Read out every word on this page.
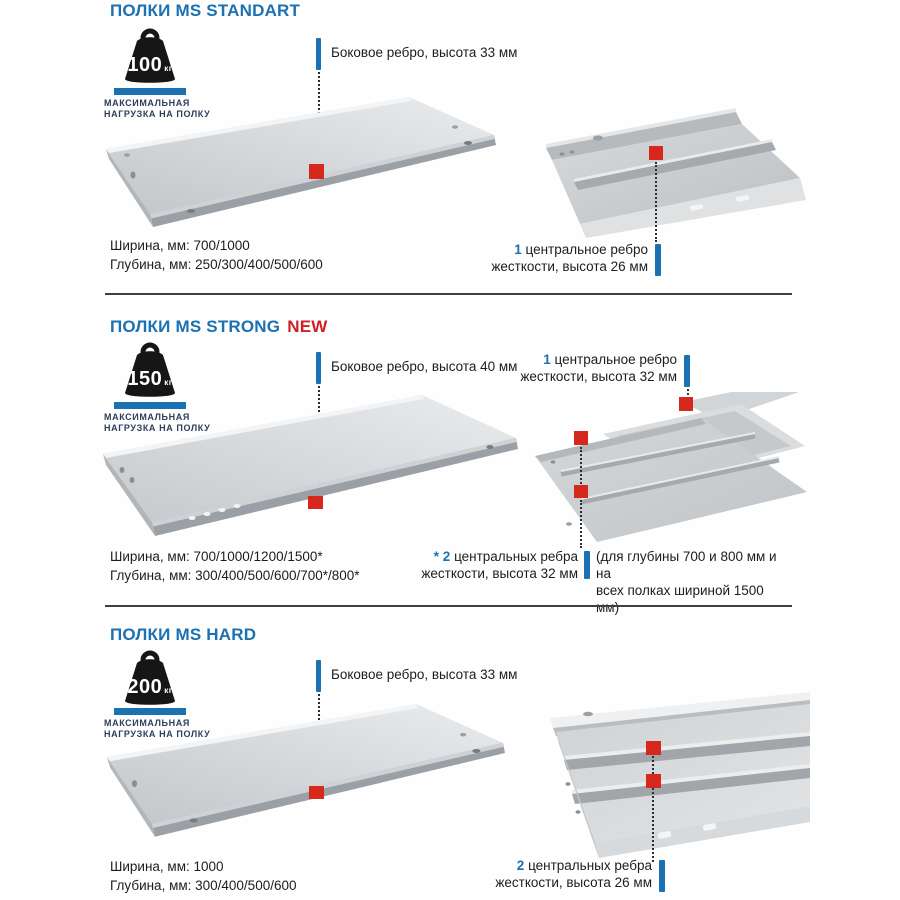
ПОЛКИ MS STANDART
100 кг
МАКСИМАЛЬНАЯ
НАГРУЗКА НА ПОЛКУ
Боковое ребро, высота 33 мм
1 центральное ребро
жесткости, высота 26 мм
Ширина, мм: 700/1000
Глубина, мм: 250/300/400/500/600
ПОЛКИ MS STRONG NEW
150 кг
МАКСИМАЛЬНАЯ
НАГРУЗКА НА ПОЛКУ
Боковое ребро, высота 40 мм	1 центральное ребро
жесткости, высота 32 мм
* 2 центральных ребра
жесткости, высота 32 мм
(для глубины 700 и 800 мм и на
всех полках шириной 1500 мм)
Ширина, мм: 700/1000/1200/1500*
Глубина, мм: 300/400/500/600/700*/800*
ПОЛКИ MS HARD
200 кг
МАКСИМАЛЬНАЯ
НАГРУЗКА НА ПОЛКУ
Боковое ребро, высота 33 мм
2 центральных ребра
жесткости, высота 26 мм
Ширина, мм: 1000
Глубина, мм: 300/400/500/600
